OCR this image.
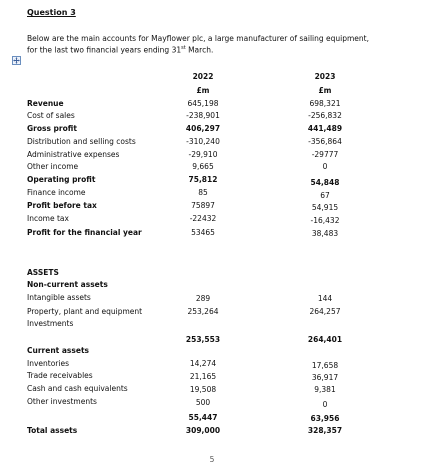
Question 3
Below are the main accounts for Mayflower plc, a large manufacturer of sailing equipment,
for the last two financial years ending 31st March.
2022	2023
£m	£m
Revenue	645,198	698,321
Cost of sales	-238,901	-256,832
Gross profit	406,297	441,489
Distribution and selling costs	-310,240	-356,864
Administrative expenses	-29,910	-29777
Other income	9,665	0
Operating profit	75,812	54,848
Finance income	85	67
Profit before tax	75897	54,915
Income tax	-22432	-16,432
Profit for the financial year	53465	38,483
ASSETS
Non-current assets
Intangible assets	289	144
Property, plant and equipment	253,264	264,257
Investments
253,553	264,401
Current assets
Inventories	14,274	17,658
Trade receivables	21,165	36,917
Cash and cash equivalents	19,508	9,381
Other investments	500	0
55,447	63,956
Total assets	309,000	328,357
5
